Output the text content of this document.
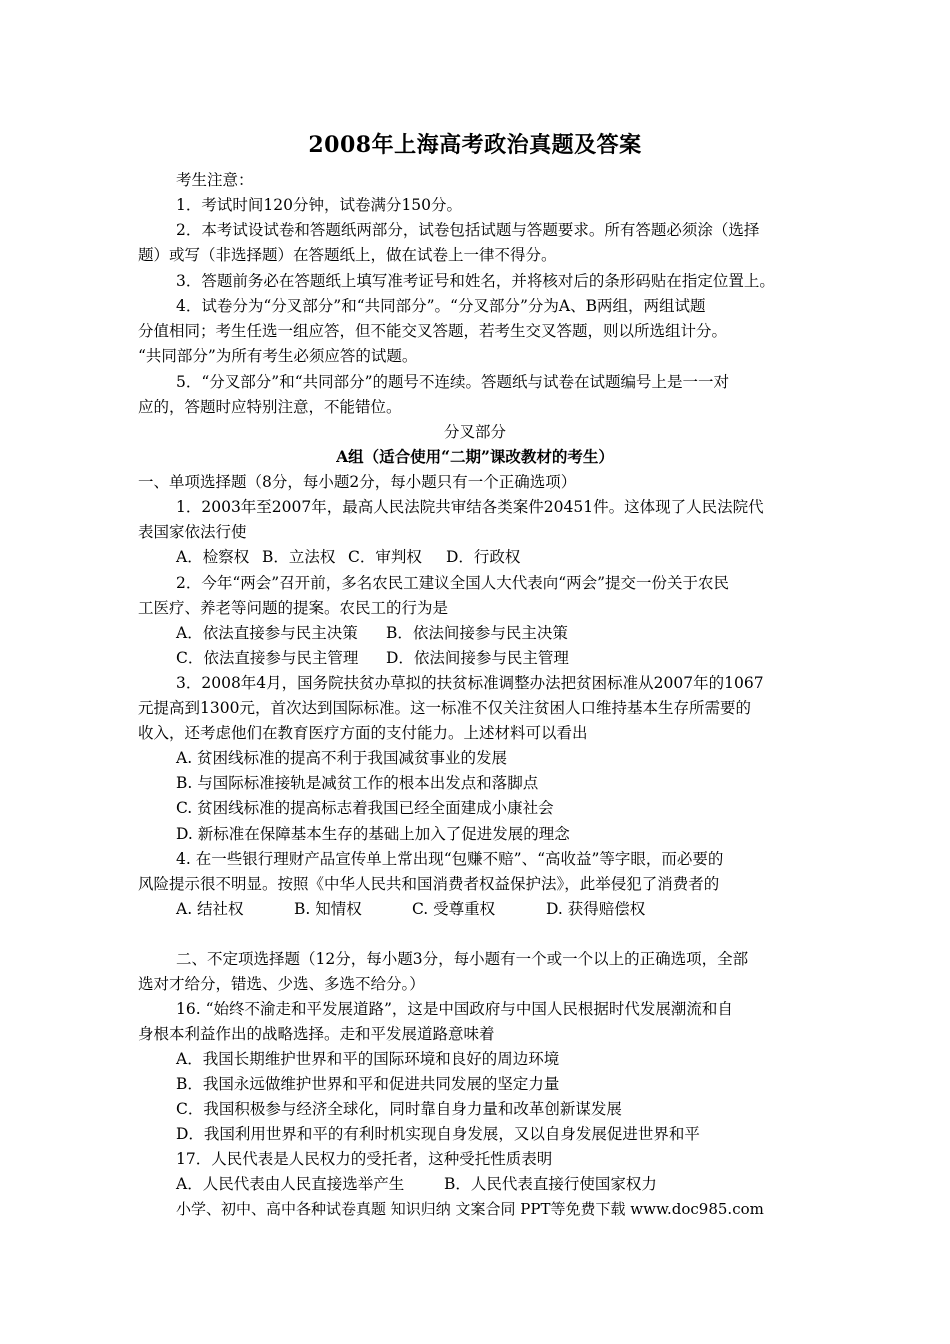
2008年上海高考政治真题及答案
考生注意：
1．考试时间120分钟，试卷满分150分。
2．本考试设试卷和答题纸两部分，试卷包括试题与答题要求。所有答题必须涂（选择
题）或写（非选择题）在答题纸上，做在试卷上一律不得分。
3．答题前务必在答题纸上填写准考证号和姓名，并将核对后的条形码贴在指定位置上。
4．试卷分为“分叉部分”和“共同部分”。“分叉部分”分为A、B两组，两组试题
分值相同；考生任选一组应答，但不能交叉答题，若考生交叉答题，则以所选组计分。
“共同部分”为所有考生必须应答的试题。
5．“分叉部分”和“共同部分”的题号不连续。答题纸与试卷在试题编号上是一一对
应的，答题时应特别注意，不能错位。
分叉部分
A组（适合使用“二期”课改教材的考生）
一、单项选择题（8分，每小题2分，每小题只有一个正确选项）
1．2003年至2007年，最高人民法院共审结各类案件20451件。这体现了人民法院代
表国家依法行使
A．检察权 B．立法权 C．审判权 D．行政权
2．今年“两会”召开前，多名农民工建议全国人大代表向“两会”提交一份关于农民
工医疗、养老等问题的提案。农民工的行为是
A．依法直接参与民主决策 B．依法间接参与民主决策
C．依法直接参与民主管理 D．依法间接参与民主管理
3．2008年4月，国务院扶贫办草拟的扶贫标准调整办法把贫困标准从2007年的1067
元提高到1300元，首次达到国际标准。这一标准不仅关注贫困人口维持基本生存所需要的
收入，还考虑他们在教育医疗方面的支付能力。上述材料可以看出
A. 贫困线标准的提高不利于我国减贫事业的发展
B. 与国际标准接轨是减贫工作的根本出发点和落脚点
C. 贫困线标准的提高标志着我国已经全面建成小康社会
D. 新标准在保障基本生存的基础上加入了促进发展的理念
4. 在一些银行理财产品宣传单上常出现“包赚不赔”、“高收益”等字眼，而必要的
风险提示很不明显。按照《中华人民共和国消费者权益保护法》，此举侵犯了消费者的
A. 结社权	B. 知情权	C. 受尊重权	D. 获得赔偿权
二、不定项选择题（12分，每小题3分，每小题有一个或一个以上的正确选项，全部
选对才给分，错选、少选、多选不给分。）
16. “始终不渝走和平发展道路”，这是中国政府与中国人民根据时代发展潮流和自
身根本利益作出的战略选择。走和平发展道路意味着
A．我国长期维护世界和平的国际环境和良好的周边环境
B．我国永远做维护世界和平和促进共同发展的坚定力量
C．我国积极参与经济全球化，同时靠自身力量和改革创新谋发展
D．我国利用世界和平的有利时机实现自身发展，又以自身发展促进世界和平
17．人民代表是人民权力的受托者，这种受托性质表明
A．人民代表由人民直接选举产生	B．人民代表直接行使国家权力
小学、初中、高中各种试卷真题 知识归纳 文案合同 PPT等免费下载 www.doc985.com
